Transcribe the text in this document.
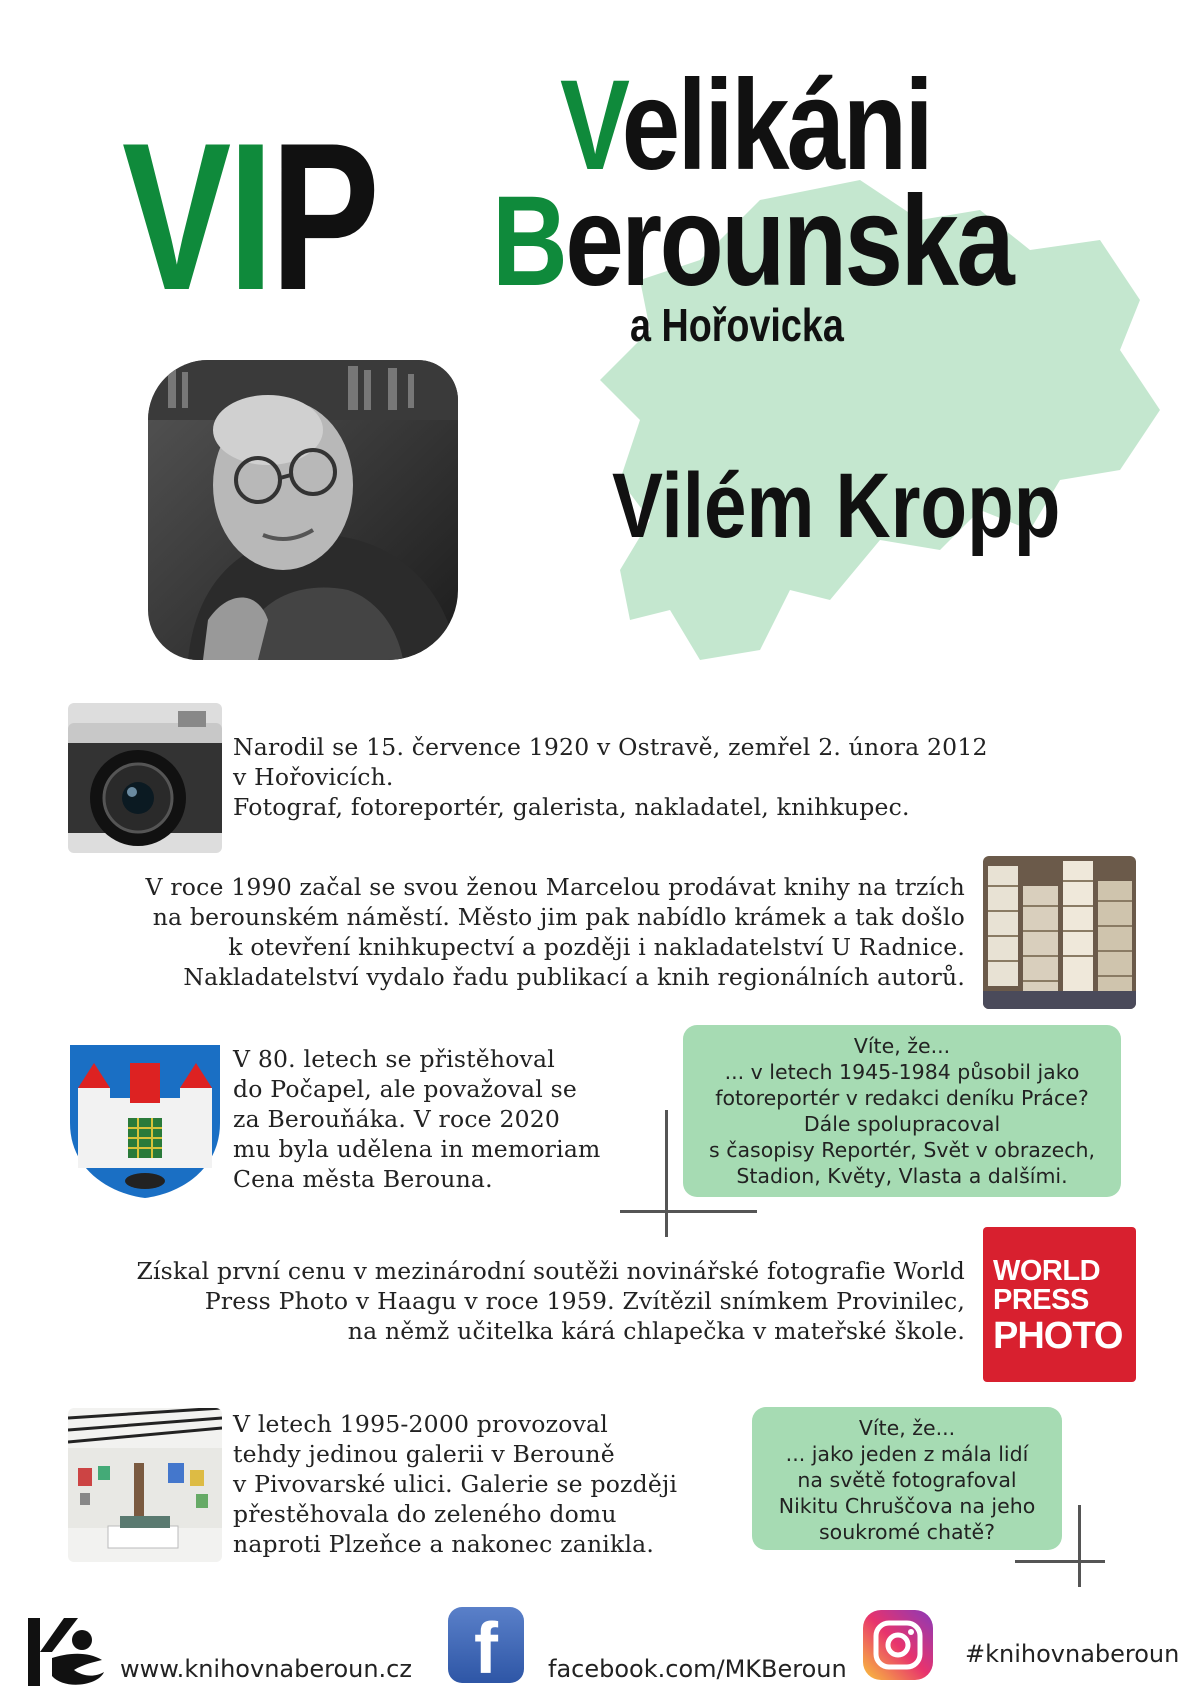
VI P Velikáni
Berounska
a Hořovicka
Vilém Kropp
Narodil se 15. července 1920 v Ostravě, zemřel 2. února 2012
v Hořovicích.
Fotograf, fotoreportér, galerista, nakladatel, knihkupec.
V roce 1990 začal se svou ženou Marcelou prodávat knihy na trzích
na berounském náměstí. Město jim pak nabídlo krámek a tak došlo
k otevření knihkupectví a později i nakladatelství U Radnice.
Nakladatelství vydalo řadu publikací a knih regionálních autorů.
V 80. letech se přistěhoval
do Počapel, ale považoval se
za Berouňáka. V roce 2020
mu byla udělena in memoriam
Cena města Berouna.
Víte, že...
... v letech 1945-1984 působil jako
fotoreportér v redakci deníku Práce?
Dále spolupracoval
s časopisy Reportér, Svět v obrazech,
Stadion, Květy, Vlasta a dalšími.
Získal první cenu v mezinárodní soutěži novinářské fotografie World
Press Photo v Haagu v roce 1959. Zvítězil snímkem Provinilec,
na němž učitelka kárá chlapečka v mateřské škole.
WORLD
PRESS
PHOTO
V letech 1995-2000 provozoval
tehdy jedinou galerii v Berouně
v Pivovarské ulici. Galerie se později
přestěhovala do zeleného domu
naproti Plzeňce a nakonec zanikla.
Víte, že...
... jako jeden z mála lidí
na světě fotografoval
Nikitu Chruščova na jeho
soukromé chatě?
www.knihovnaberoun.cz f	facebook.com/MKBeroun
#knihovnaberoun
